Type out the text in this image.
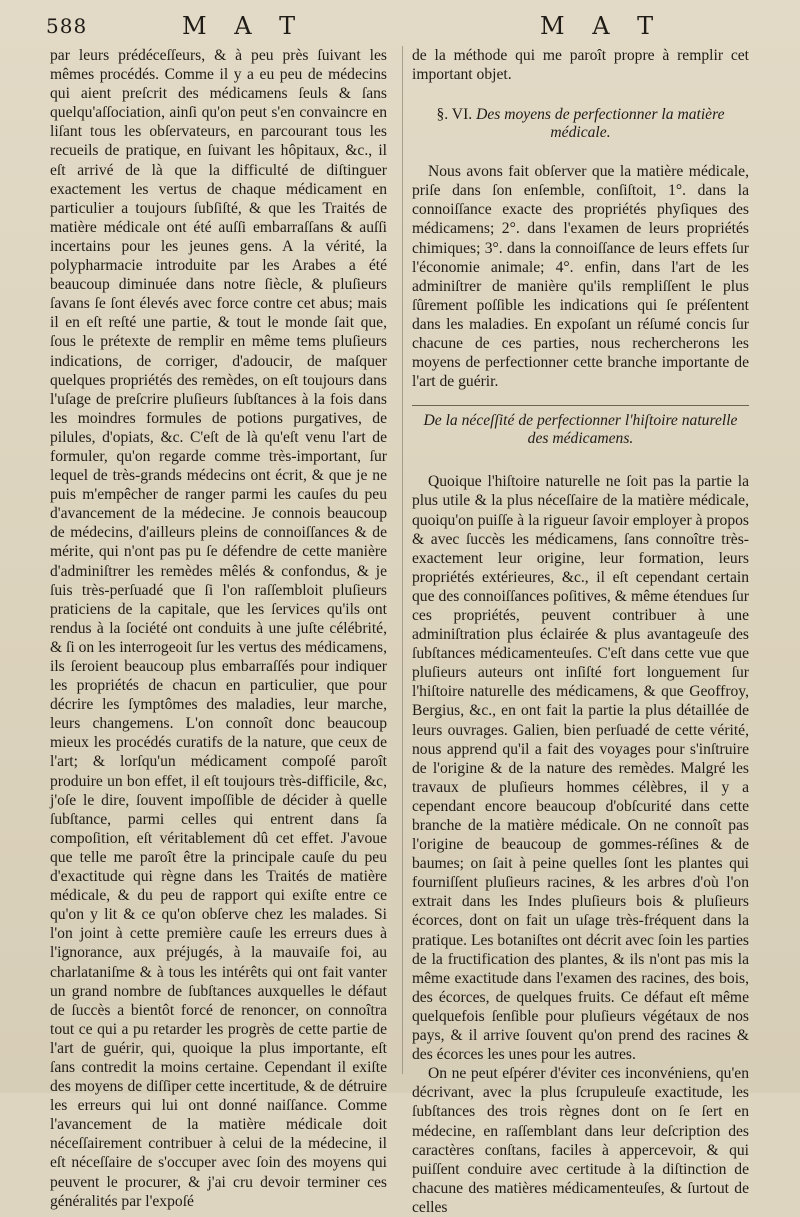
588	M A T	M A T

par leurs prédéceſſeurs, & à peu près ſuivant les mêmes procédés. Comme il y a eu peu de médecins qui aient preſcrit des médicamens ſeuls & ſans quelqu'aſſociation, ainſi qu'on peut s'en convaincre en liſant tous les obſervateurs, en parcourant tous les recueils de pratique, en ſuivant les hôpitaux, &c., il eſt arrivé de là que la difficulté de diſtinguer exactement les vertus de chaque médicament en particulier a toujours ſubſiſté, & que les Traités de matière médicale ont été auſſi embarraſſans & auſſi incertains pour les jeunes gens. A la vérité, la polypharmacie introduite par les Arabes a été beaucoup diminuée dans notre ſiècle, & pluſieurs ſavans ſe ſont élevés avec force contre cet abus; mais il en eſt reſté une partie, & tout le monde ſait que, ſous le prétexte de remplir en même tems pluſieurs indications, de corriger, d'adoucir, de maſquer quelques propriétés des remèdes, on eſt toujours dans l'uſage de preſcrire pluſieurs ſubſtances à la fois dans les moindres formules de potions purgatives, de pilules, d'opiats, &c. C'eſt de là qu'eſt venu l'art de formuler, qu'on regarde comme très-important, ſur lequel de très-grands médecins ont écrit, & que je ne puis m'empêcher de ranger parmi les cauſes du peu d'avancement de la médecine. Je connois beaucoup de médecins, d'ailleurs pleins de connoiſſances & de mérite, qui n'ont pas pu ſe défendre de cette manière d'adminiſtrer les remèdes mêlés & confondus, & je ſuis très-perſuadé que ſi l'on raſſembloit pluſieurs praticiens de la capitale, que les ſervices qu'ils ont rendus à la ſociété ont conduits à une juſte célébrité, & ſi on les interrogeoit ſur les vertus des médicamens, ils ſeroient beaucoup plus embarraſſés pour indiquer les propriétés de chacun en particulier, que pour décrire les ſymptômes des maladies, leur marche, leurs changemens. L'on connoît donc beaucoup mieux les procédés curatifs de la nature, que ceux de l'art; & lorſqu'un médicament compoſé paroît produire un bon effet, il eſt toujours très-difficile, &c, j'oſe le dire, ſouvent impoſſible de décider à quelle ſubſtance, parmi celles qui entrent dans ſa compoſition, eſt véritablement dû cet effet. J'avoue que telle me paroît être la principale cauſe du peu d'exactitude qui règne dans les Traités de matière médicale, & du peu de rapport qui exiſte entre ce qu'on y lit & ce qu'on obſerve chez les malades. Si l'on joint à cette première cauſe les erreurs dues à l'ignorance, aux préjugés, à la mauvaiſe foi, au charlataniſme & à tous les intérêts qui ont fait vanter un grand nombre de ſubſtances auxquelles le défaut de ſuccès a bientôt forcé de renoncer, on connoîtra tout ce qui a pu retarder les progrès de cette partie de l'art de guérir, qui, quoique la plus importante, eſt ſans contredit la moins certaine. Cependant il exiſte des moyens de diſſiper cette incertitude, & de détruire les erreurs qui lui ont donné naiſſance. Comme l'avancement de la matière médicale doit néceſſairement contribuer à celui de la médecine, il eſt néceſſaire de s'occuper avec ſoin des moyens qui peuvent le procurer, & j'ai cru devoir terminer ces généralités par l'expoſé

de la méthode qui me paroît propre à remplir cet important objet.

§. VI. Des moyens de perfectionner la matière médicale.

Nous avons fait obſerver que la matière médicale, priſe dans ſon enſemble, conſiſtoit, 1°. dans la connoiſſance exacte des propriétés phyſiques des médicamens; 2°. dans l'examen de leurs propriétés chimiques; 3°. dans la connoiſſance de leurs effets ſur l'économie animale; 4°. enfin, dans l'art de les adminiſtrer de manière qu'ils rempliſſent le plus ſûrement poſſible les indications qui ſe préſentent dans les maladies. En expoſant un réſumé concis ſur chacune de ces parties, nous rechercherons les moyens de perfectionner cette branche importante de l'art de guérir.

De la néceſſité de perfectionner l'hiſtoire naturelle des médicamens.

Quoique l'hiſtoire naturelle ne ſoit pas la partie la plus utile & la plus néceſſaire de la matière médicale, quoiqu'on puiſſe à la rigueur ſavoir employer à propos & avec ſuccès les médicamens, ſans connoître très-exactement leur origine, leur formation, leurs propriétés extérieures, &c., il eſt cependant certain que des connoiſſances poſitives, & même étendues ſur ces propriétés, peuvent contribuer à une adminiſtration plus éclairée & plus avantageuſe des ſubſtances médicamenteuſes. C'eſt dans cette vue que pluſieurs auteurs ont inſiſté fort longuement ſur l'hiſtoire naturelle des médicamens, & que Geoffroy, Bergius, &c., en ont fait la partie la plus détaillée de leurs ouvrages. Galien, bien perſuadé de cette vérité, nous apprend qu'il a fait des voyages pour s'inſtruire de l'origine & de la nature des remèdes. Malgré les travaux de pluſieurs hommes célèbres, il y a cependant encore beaucoup d'obſcurité dans cette branche de la matière médicale. On ne connoît pas l'origine de beaucoup de gommes-réſines & de baumes; on ſait à peine quelles ſont les plantes qui fourniſſent pluſieurs racines, & les arbres d'où l'on extrait dans les Indes pluſieurs bois & pluſieurs écorces, dont on fait un uſage très-fréquent dans la pratique. Les botaniſtes ont décrit avec ſoin les parties de la fructification des plantes, & ils n'ont pas mis la même exactitude dans l'examen des racines, des bois, des écorces, de quelques fruits. Ce défaut eſt même quelquefois ſenſible pour pluſieurs végétaux de nos pays, & il arrive ſouvent qu'on prend des racines & des écorces les unes pour les autres.

On ne peut eſpérer d'éviter ces inconvéniens, qu'en décrivant, avec la plus ſcrupuleuſe exactitude, les ſubſtances des trois règnes dont on ſe ſert en médecine, en raſſemblant dans leur deſcription des caractères conſtans, faciles à appercevoir, & qui puiſſent conduire avec certitude à la diſtinction de chacune des matières médicamenteuſes, & ſurtout de celles
